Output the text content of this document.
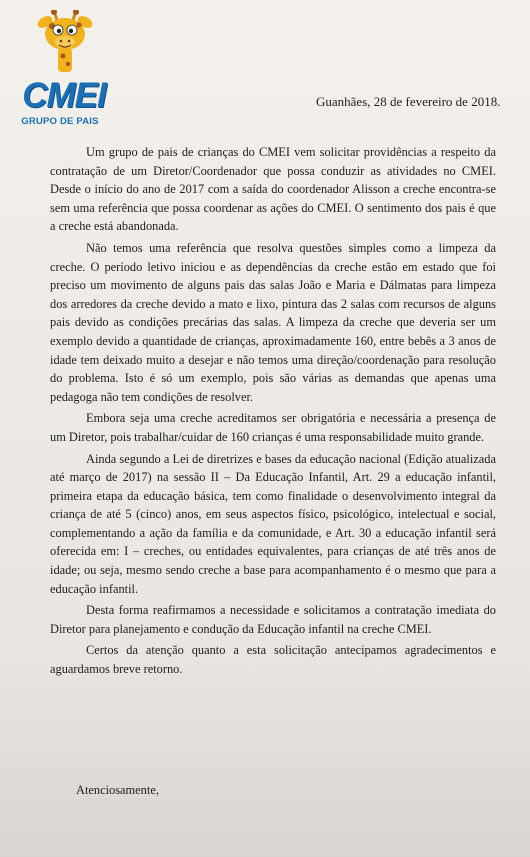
CMEI
GRUPO DE PAIS
Guanhães, 28 de fevereiro de 2018.

Um grupo de pais de crianças do CMEI vem solicitar providências a respeito da contratação de um Diretor/Coordenador que possa conduzir as atividades no CMEI. Desde o início do ano de 2017 com a saída do coordenador Alisson a creche encontra-se sem uma referência que possa coordenar as ações do CMEI. O sentimento dos pais é que a creche está abandonada.

Não temos uma referência que resolva questões simples como a limpeza da creche. O período letivo iniciou e as dependências da creche estão em estado que foi preciso um movimento de alguns pais das salas João e Maria e Dálmatas para limpeza dos arredores da creche devido a mato e lixo, pintura das 2 salas com recursos de alguns pais devido as condições precárias das salas. A limpeza da creche que deveria ser um exemplo devido a quantidade de crianças, aproximadamente 160, entre bebês a 3 anos de idade tem deixado muito a desejar e não temos uma direção/coordenação para resolução do problema. Isto é só um exemplo, pois são várias as demandas que apenas uma pedagoga não tem condições de resolver.

Embora seja uma creche acreditamos ser obrigatória e necessária a presença de um Diretor, pois trabalhar/cuidar de 160 crianças é uma responsabilidade muito grande.

Ainda segundo a Lei de diretrizes e bases da educação nacional (Edição atualizada até março de 2017) na sessão II – Da Educação Infantil, Art. 29 a educação infantil, primeira etapa da educação básica, tem como finalidade o desenvolvimento integral da criança de até 5 (cinco) anos, em seus aspectos físico, psicológico, intelectual e social, complementando a ação da família e da comunidade, e Art. 30 a educação infantil será oferecida em: I – creches, ou entidades equivalentes, para crianças de até três anos de idade; ou seja, mesmo sendo creche a base para acompanhamento é o mesmo que para a educação infantil.

Desta forma reafirmamos a necessidade e solicitamos a contratação imediata do Diretor para planejamento e condução da Educação infantil na creche CMEI.

Certos da atenção quanto a esta solicitação antecipamos agradecimentos e aguardamos breve retorno.

Atenciosamente,
